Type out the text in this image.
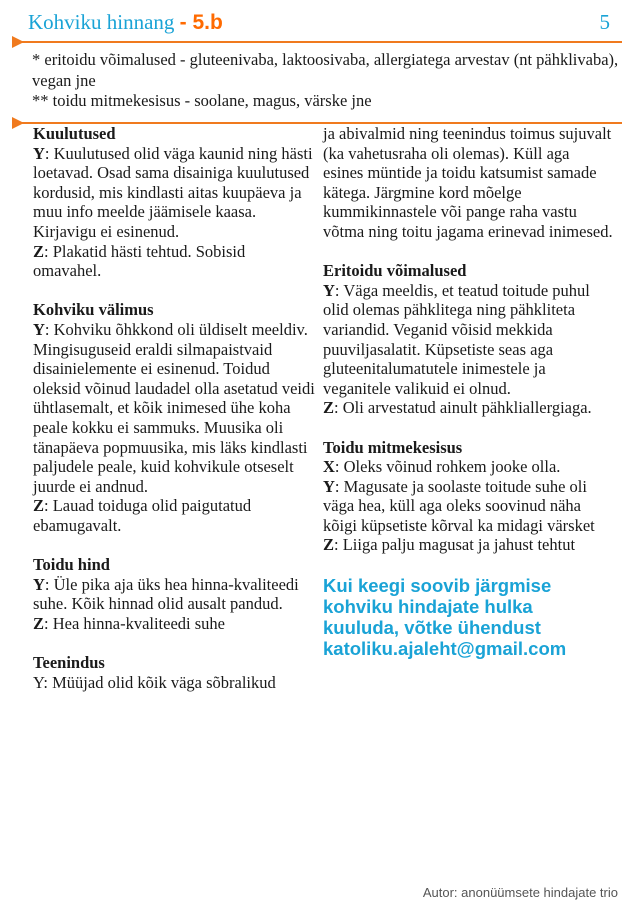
Kohviku hinnang - 5.b	5

* eritoidu võimalused - gluteenivaba, laktoosivaba, allergiatega arvestav (nt pähklivaba), vegan jne

** toidu mitmekesisus - soolane, magus, värske jne

Kuulutused

Y: Kuulutused olid väga kaunid ning hästi loetavad. Osad sama disainiga kuulutused kordusid, mis kindlasti aitas kuupäeva ja muu info meelde jäämisele kaasa. Kirjavigu ei esinenud.

Z: Plakatid hästi tehtud. Sobisid omavahel.

Kohviku välimus

Y: Kohviku õhkkond oli üldiselt meeldiv. Mingisuguseid eraldi silmapaistvaid disainielemente ei esinenud. Toidud oleksid võinud laudadel olla asetatud veidi ühtlasemalt, et kõik inimesed ühe koha peale kokku ei sammuks. Muusika oli tänapäeva popmuusika, mis läks kindlasti paljudele peale, kuid kohvikule otseselt juurde ei andnud.

Z: Lauad toiduga olid paigutatud ebamugavalt.

Toidu hind

Y: Üle pika aja üks hea hinna-kvaliteedi suhe. Kõik hinnad olid ausalt pandud.

Z: Hea hinna-kvaliteedi suhe

Teenindus

Y: Müüjad olid kõik väga sõbralikud

ja abivalmid ning teenindus toimus sujuvalt (ka vahetusraha oli olemas). Küll aga esines müntide ja toidu katsumist samade kätega. Järgmine kord mõelge kummikinnastele või pange raha vastu võtma ning toitu jagama erinevad inimesed.

Eritoidu võimalused

Y: Väga meeldis, et teatud toitude puhul olid olemas pähklitega ning pähkliteta variandid. Veganid võisid mekkida puuviljasalatit. Küpsetiste seas aga gluteenitalumatutele inimestele ja veganitele valikuid ei olnud.

Z: Oli arvestatud ainult pähkliallergiaga.

Toidu mitmekesisus

X: Oleks võinud rohkem jooke olla.

Y: Magusate ja soolaste toitude suhe oli väga hea, küll aga oleks soovinud näha kõigi küpsetiste kõrval ka midagi värsket

Z: Liiga palju magusat ja jahust tehtut

Kui keegi soovib järgmise kohviku hindajate hulka kuuluda, võtke ühendust katoliku.ajaleht@gmail.com
Autor: anonüümsete hindajate trio
